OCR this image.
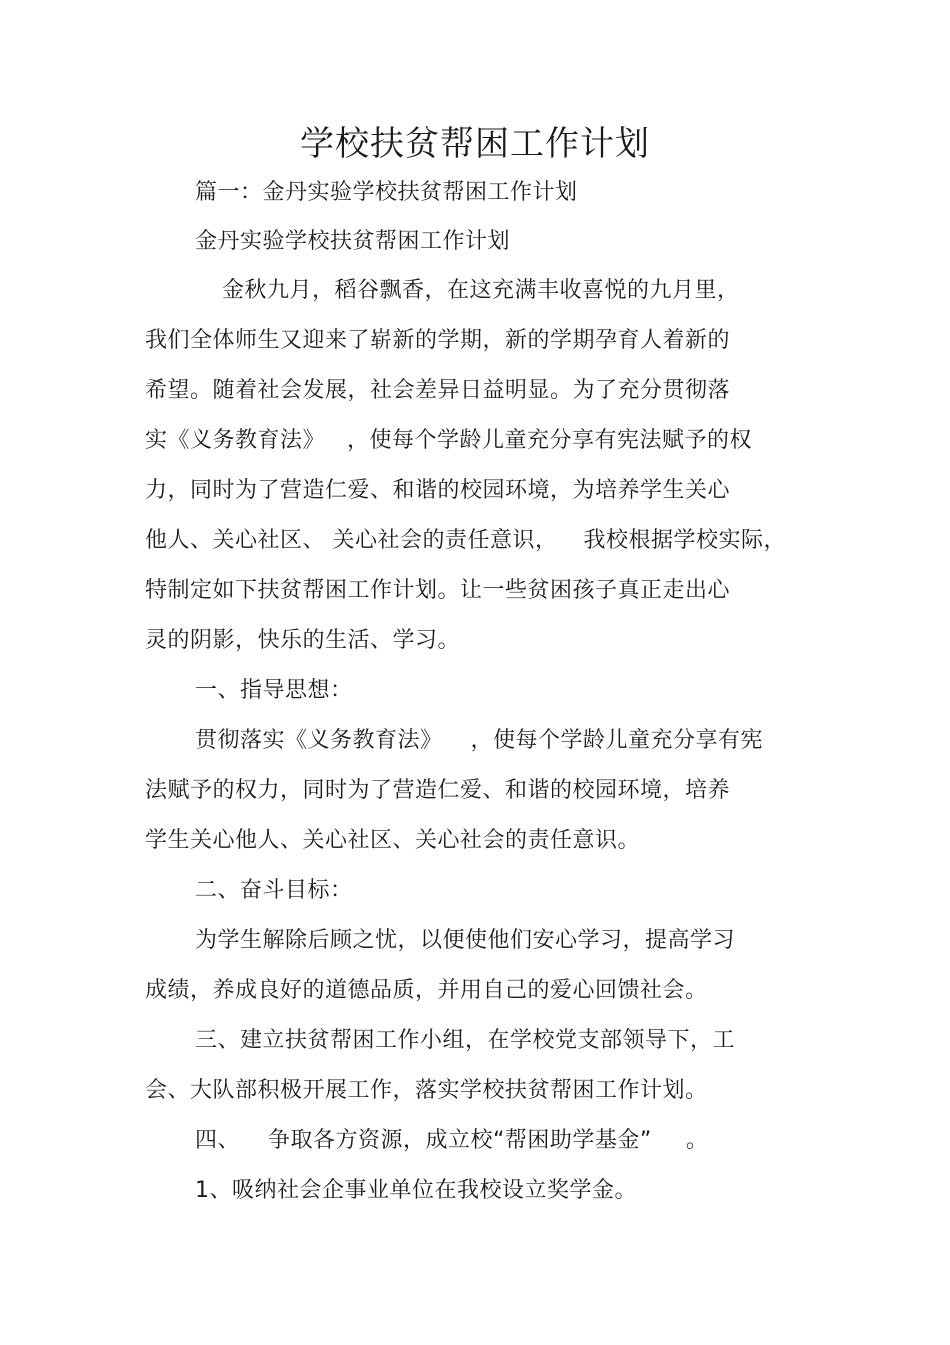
学校扶贫帮困工作计划
篇一：金丹实验学校扶贫帮困工作计划
金丹实验学校扶贫帮困工作计划
金秋九月，稻谷飘香，在这充满丰收喜悦的九月里，
我们全体师生又迎来了崭新的学期，新的学期孕育人着新的
希望。随着社会发展，社会差异日益明显。为了充分贯彻落
实《义务教育法》 ，使每个学龄儿童充分享有宪法赋予的权
力，同时为了营造仁爱、和谐的校园环境，为培养学生关心
他人、关心社区、 关心社会的责任意识， 我校根据学校实际，
特制定如下扶贫帮困工作计划。让一些贫困孩子真正走出心
灵的阴影，快乐的生活、学习。
一、指导思想：
贯彻落实《义务教育法》 ，使每个学龄儿童充分享有宪
法赋予的权力，同时为了营造仁爱、和谐的校园环境，培养
学生关心他人、关心社区、关心社会的责任意识。
二、奋斗目标：
为学生解除后顾之忧，以便使他们安心学习，提高学习
成绩，养成良好的道德品质，并用自己的爱心回馈社会。
三、建立扶贫帮困工作小组，在学校党支部领导下，工
会、大队部积极开展工作，落实学校扶贫帮困工作计划。
四、 争取各方资源，成立校“帮困助学基金” 。
1、吸纳社会企事业单位在我校设立奖学金。
